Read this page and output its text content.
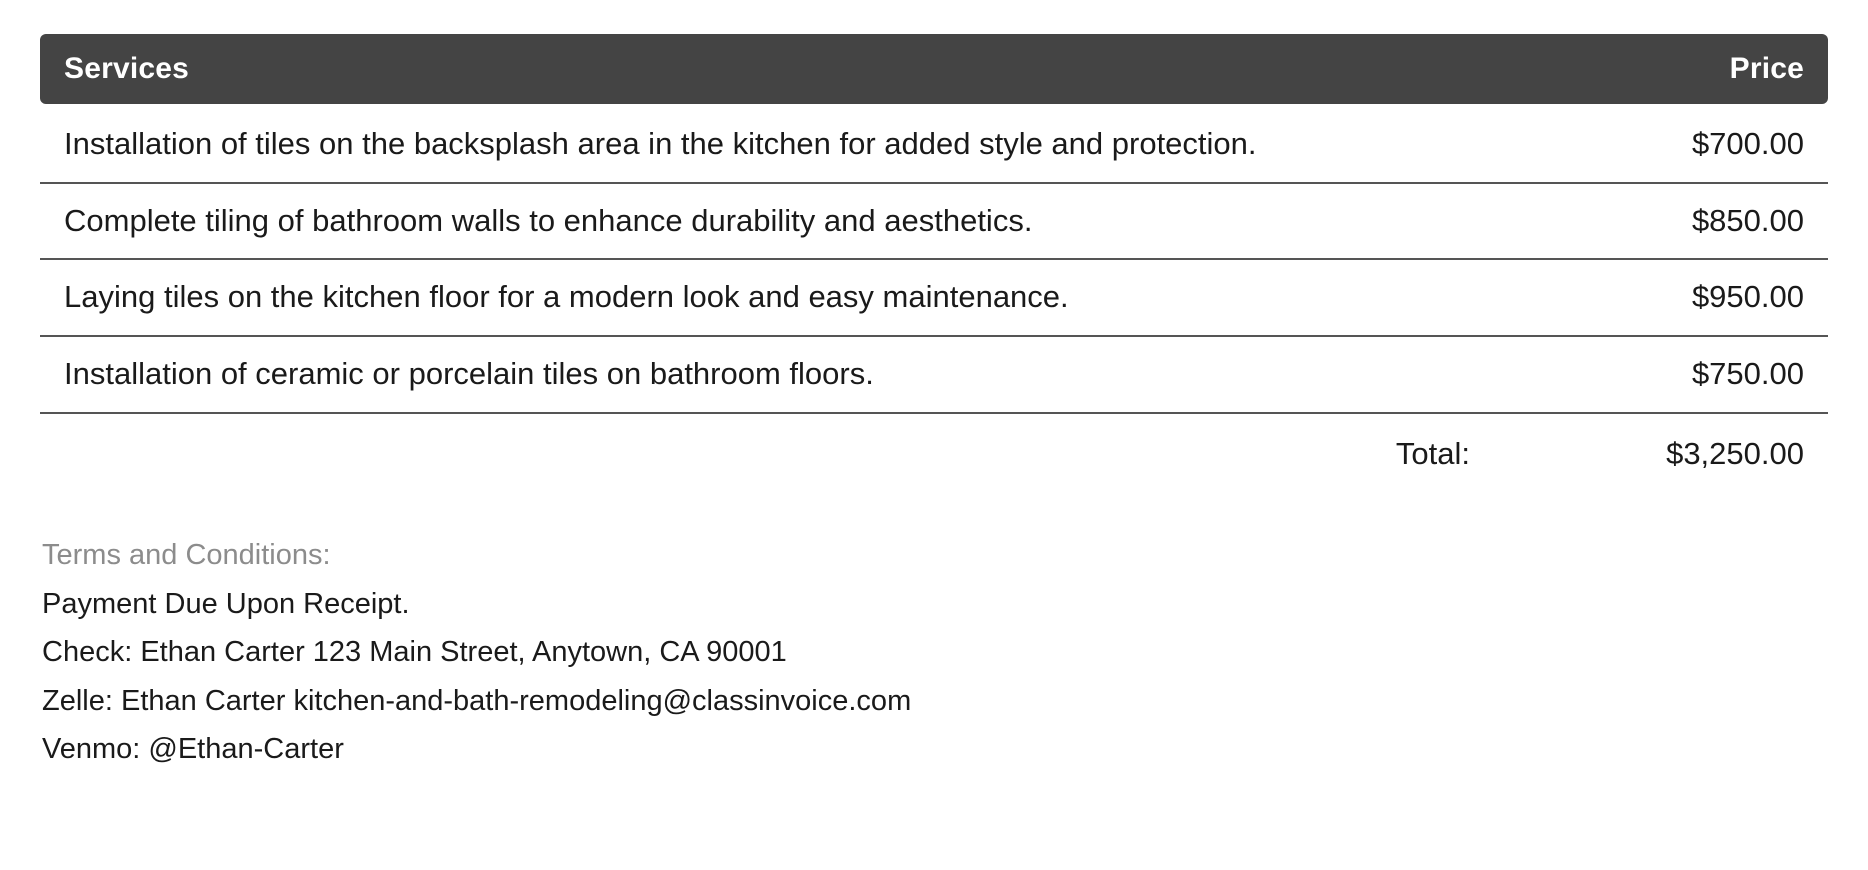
Services	Price
Installation of tiles on the backsplash area in the kitchen for added style and protection.	$700.00
Complete tiling of bathroom walls to enhance durability and aesthetics.	$850.00
Laying tiles on the kitchen floor for a modern look and easy maintenance.	$950.00
Installation of ceramic or porcelain tiles on bathroom floors.	$750.00
Total:	$3,250.00
Terms and Conditions:
Payment Due Upon Receipt.
Check: Ethan Carter 123 Main Street, Anytown, CA 90001
Zelle: Ethan Carter kitchen-and-bath-remodeling@classinvoice.com
Venmo: @Ethan-Carter
